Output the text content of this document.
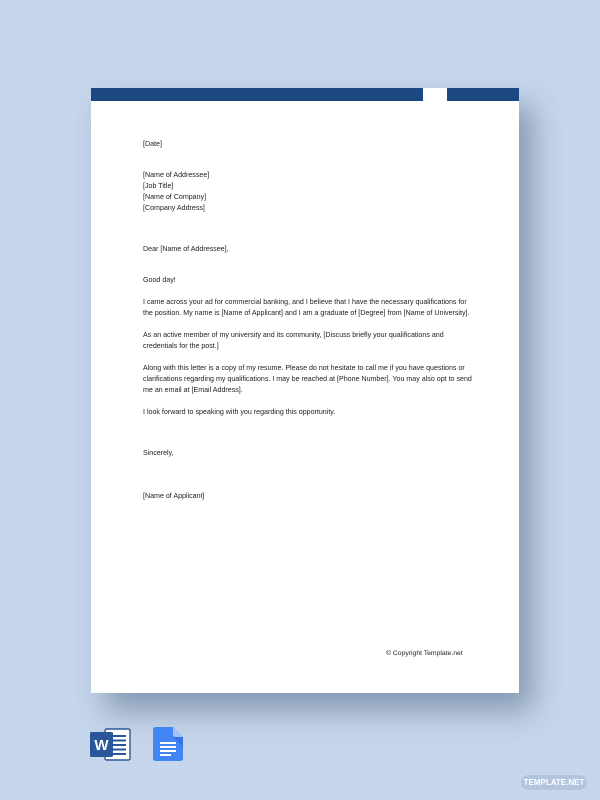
[Date]

[Name of Addressee]

[Job Title]

[Name of Company]

[Company Address]

Dear [Name of Addressee],

Good day!

I came across your ad for commercial banking, and I believe that I have the necessary qualifications for the position. My name is [Name of Applicant] and I am a graduate of [Degree] from [Name of University].

As an active member of my university and its community, [Discuss briefly your qualifications and credentials for the post.]

Along with this letter is a copy of my resume. Please do not hesitate to call me if you have questions or clarifications regarding my qualifications. I may be reached at [Phone Number]. You may also opt to send me an email at [Email Address].

I look forward to speaking with you regarding this opportunity.

Sincerely,

[Name of Applicant]

© Copyright Template.net
W
TEMPLATE.NET
